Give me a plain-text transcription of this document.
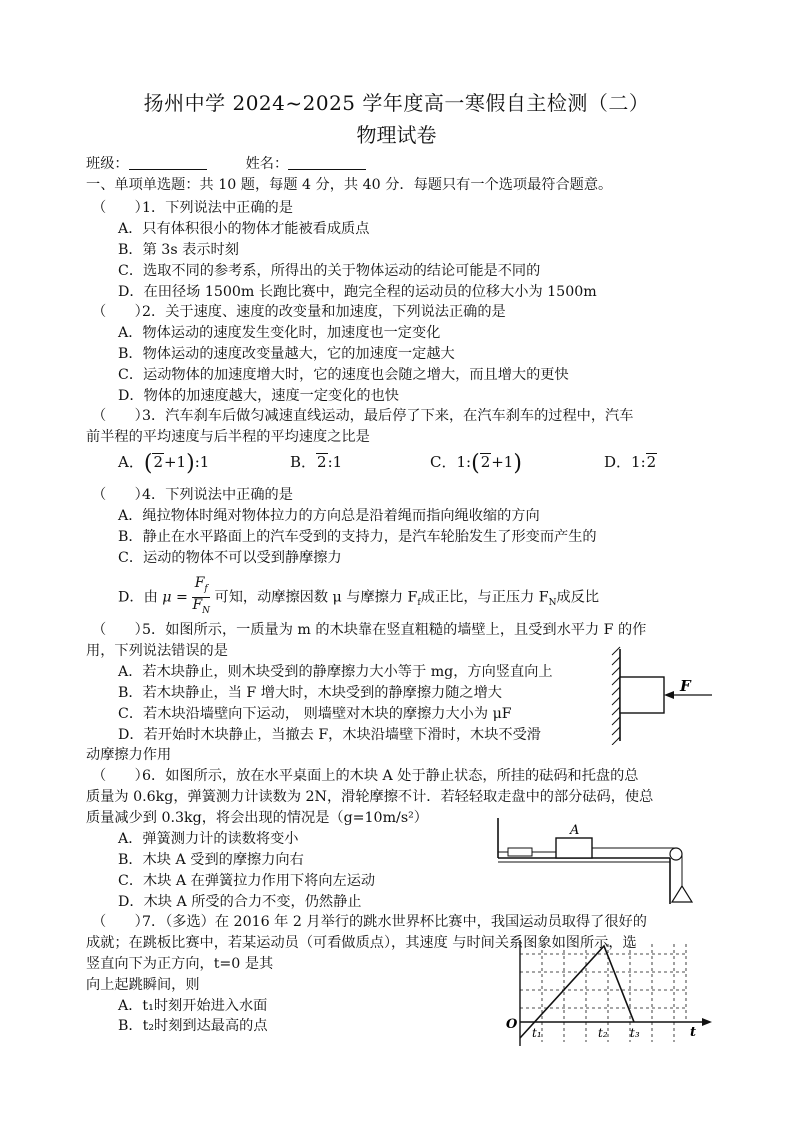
扬州中学 2024~2025 学年度高一寒假自主检测（二）
物理试卷
班级：	姓名：
一、单项单选题：共 10 题，每题 4 分，共 40 分．每题只有一个选项最符合题意。
（　　）1．下列说法中正确的是
A．只有体积很小的物体才能被看成质点
B．第 3s 表示时刻
C．选取不同的参考系，所得出的关于物体运动的结论可能是不同的
D．在田径场 1500m 长跑比赛中，跑完全程的运动员的位移大小为 1500m
（　　）2．关于速度、速度的改变量和加速度，下列说法正确的是
A．物体运动的速度发生变化时，加速度也一定变化
B．物体运动的速度改变量越大，它的加速度一定越大
C．运动物体的加速度增大时，它的速度也会随之增大，而且增大的更快
D．物体的加速度越大，速度一定变化的也快
（　　）3．汽车刹车后做匀减速直线运动，最后停了下来，在汽车刹车的过程中，汽车
前半程的平均速度与后半程的平均速度之比是
A．(2+1):1	B．2:1	C．1:(2+1)	D．1:2
（　　）4．下列说法中正确的是
A．绳拉物体时绳对物体拉力的方向总是沿着绳而指向绳收缩的方向
B．静止在水平路面上的汽车受到的支持力，是汽车轮胎发生了形变而产生的
C．运动的物体不可以受到静摩擦力
D．由 $\mu = \frac{F_f}{F_N}$ 可知，动摩擦因数 μ 与摩擦力 $F_f$成正比，与正压力 $F_N$成反比
（　　）5．如图所示，一质量为 m 的木块靠在竖直粗糙的墙壁上，且受到水平力 F 的作
用，下列说法错误的是
A．若木块静止，则木块受到的静摩擦力大小等于 mg，方向竖直向上
B．若木块静止，当 F 增大时，木块受到的静摩擦力随之增大
C．若木块沿墙壁向下运动， 则墙壁对木块的摩擦力大小为 μF
D．若开始时木块静止，当撤去 F，木块沿墙壁下滑时，木块不受滑
动摩擦力作用
F
（　　）6．如图所示，放在水平桌面上的木块 A 处于静止状态，所挂的砝码和托盘的总
质量为 0.6kg，弹簧测力计读数为 2N，滑轮摩擦不计．若轻轻取走盘中的部分砝码，使总
质量减少到 0.3kg，将会出现的情况是（g=10m/s²）
A．弹簧测力计的读数将变小
B．木块 A 受到的摩擦力向右
C．木块 A 在弹簧拉力作用下将向左运动
D．木块 A 所受的合力不变，仍然静止
A
（　　）7．（多选）在 2016 年 2 月举行的跳水世界杯比赛中，我国运动员取得了很好的
成就；在跳板比赛中，若某运动员（可看做质点），其速度 与时间关系图象如图所示，选
竖直向下为正方向，t=0 是其
向上起跳瞬间，则
A．t₁时刻开始进入水面
B．t₂时刻到达最高的点	O
t
t₁	t₂ t₃
